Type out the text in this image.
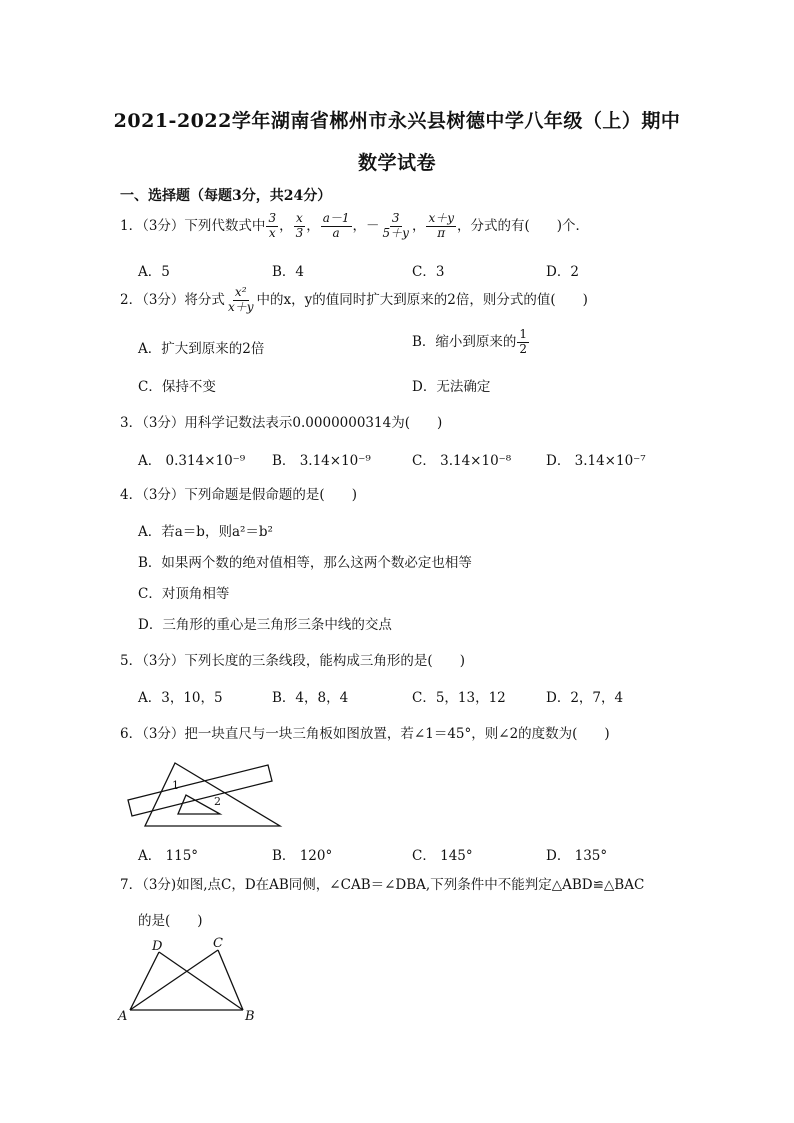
2021-2022学年湖南省郴州市永兴县树德中学八年级（上）期中
数学试卷
一、选择题（每题3分，共24分）
1．（3分）下列代数式中 $\frac{3}{x}$ ， $\frac{x}{3}$ ， $\frac{a-1}{a}$ ，－ $\frac{3}{5+y}$ ， $\frac{x+y}{\pi}$ ，分式的有(　　)个．
A．5	B．4	C．3	D．2
2．（3分）将分式 $\frac{\text{x²}}{x+y}$ 中的x，y的值同时扩大到原来的2倍，则分式的值(　　)
A．扩大到原来的2倍	B．缩小到原来的 $\frac{1}{2}$
C．保持不变	D．无法确定
3．（3分）用科学记数法表示0.0000000314为(　　)
A． 0.314×10⁻⁹ B． 3.14×10⁻⁹	C． 3.14×10⁻⁸	D． 3.14×10⁻⁷
4．（3分）下列命题是假命题的是(　　)
A．若a＝b，则a²＝b²
B．如果两个数的绝对值相等，那么这两个数必定也相等
C．对顶角相等
D．三角形的重心是三角形三条中线的交点
5．（3分）下列长度的三条线段，能构成三角形的是(　　)
A．3，10，5	B．4，8，4	C．5，13，12	D．2，7，4
6．（3分）把一块直尺与一块三角板如图放置，若∠1＝45°，则∠2的度数为(　　)
1
2
A． 115°	B． 120°	C． 145°	D． 135°
7．（3分)如图,点C，D在AB同侧，∠CAB＝∠DBA,下列条件中不能判定△ABD≌△BAC
的是(　　)
A	B
C
D
